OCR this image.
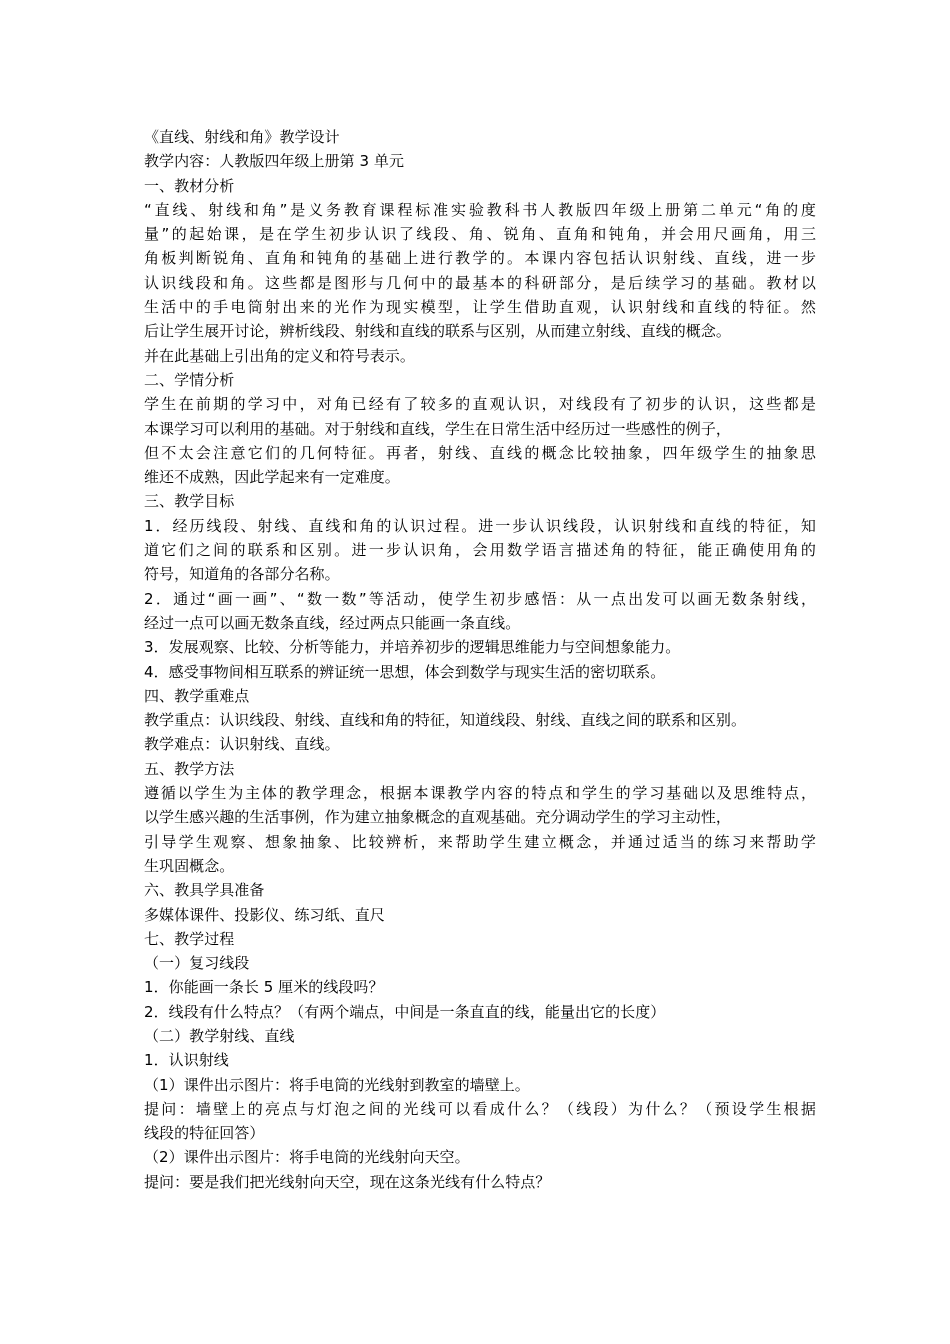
《直线、射线和角》教学设计
教学内容：人教版四年级上册第 3 单元
一、教材分析
“直线、射线和角”是义务教育课程标准实验教科书人教版四年级上册第二单元“角的度
量”的起始课，是在学生初步认识了线段、角、锐角、直角和钝角，并会用尺画角，用三
角板判断锐角、直角和钝角的基础上进行教学的。本课内容包括认识射线、直线，进一步
认识线段和角。这些都是图形与几何中的最基本的科研部分，是后续学习的基础。教材以
生活中的手电筒射出来的光作为现实模型，让学生借助直观，认识射线和直线的特征。然
后让学生展开讨论，辨析线段、射线和直线的联系与区别，从而建立射线、直线的概念。
并在此基础上引出角的定义和符号表示。
二、学情分析
学生在前期的学习中，对角已经有了较多的直观认识，对线段有了初步的认识，这些都是
本课学习可以利用的基础。对于射线和直线，学生在日常生活中经历过一些感性的例子，
但不太会注意它们的几何特征。再者，射线、直线的概念比较抽象，四年级学生的抽象思
维还不成熟，因此学起来有一定难度。
三、教学目标
1．经历线段、射线、直线和角的认识过程。进一步认识线段，认识射线和直线的特征，知
道它们之间的联系和区别。进一步认识角，会用数学语言描述角的特征，能正确使用角的
符号，知道角的各部分名称。
2．通过“画一画”、“数一数”等活动，使学生初步感悟：从一点出发可以画无数条射线，
经过一点可以画无数条直线，经过两点只能画一条直线。
3．发展观察、比较、分析等能力，并培养初步的逻辑思维能力与空间想象能力。
4．感受事物间相互联系的辨证统一思想，体会到数学与现实生活的密切联系。
四、教学重难点
教学重点：认识线段、射线、直线和角的特征，知道线段、射线、直线之间的联系和区别。
教学难点：认识射线、直线。
五、教学方法
遵循以学生为主体的教学理念，根据本课教学内容的特点和学生的学习基础以及思维特点，
以学生感兴趣的生活事例，作为建立抽象概念的直观基础。充分调动学生的学习主动性，
引导学生观察、想象抽象、比较辨析，来帮助学生建立概念，并通过适当的练习来帮助学
生巩固概念。
六、教具学具准备
多媒体课件、投影仪、练习纸、直尺
七、教学过程
（一）复习线段
1．你能画一条长 5 厘米的线段吗？
2．线段有什么特点？（有两个端点，中间是一条直直的线，能量出它的长度）
（二）教学射线、直线
1．认识射线
（1）课件出示图片：将手电筒的光线射到教室的墙壁上。
提问：墙壁上的亮点与灯泡之间的光线可以看成什么？（线段）为什么？（预设学生根据
线段的特征回答）
（2）课件出示图片：将手电筒的光线射向天空。
提问：要是我们把光线射向天空，现在这条光线有什么特点？
